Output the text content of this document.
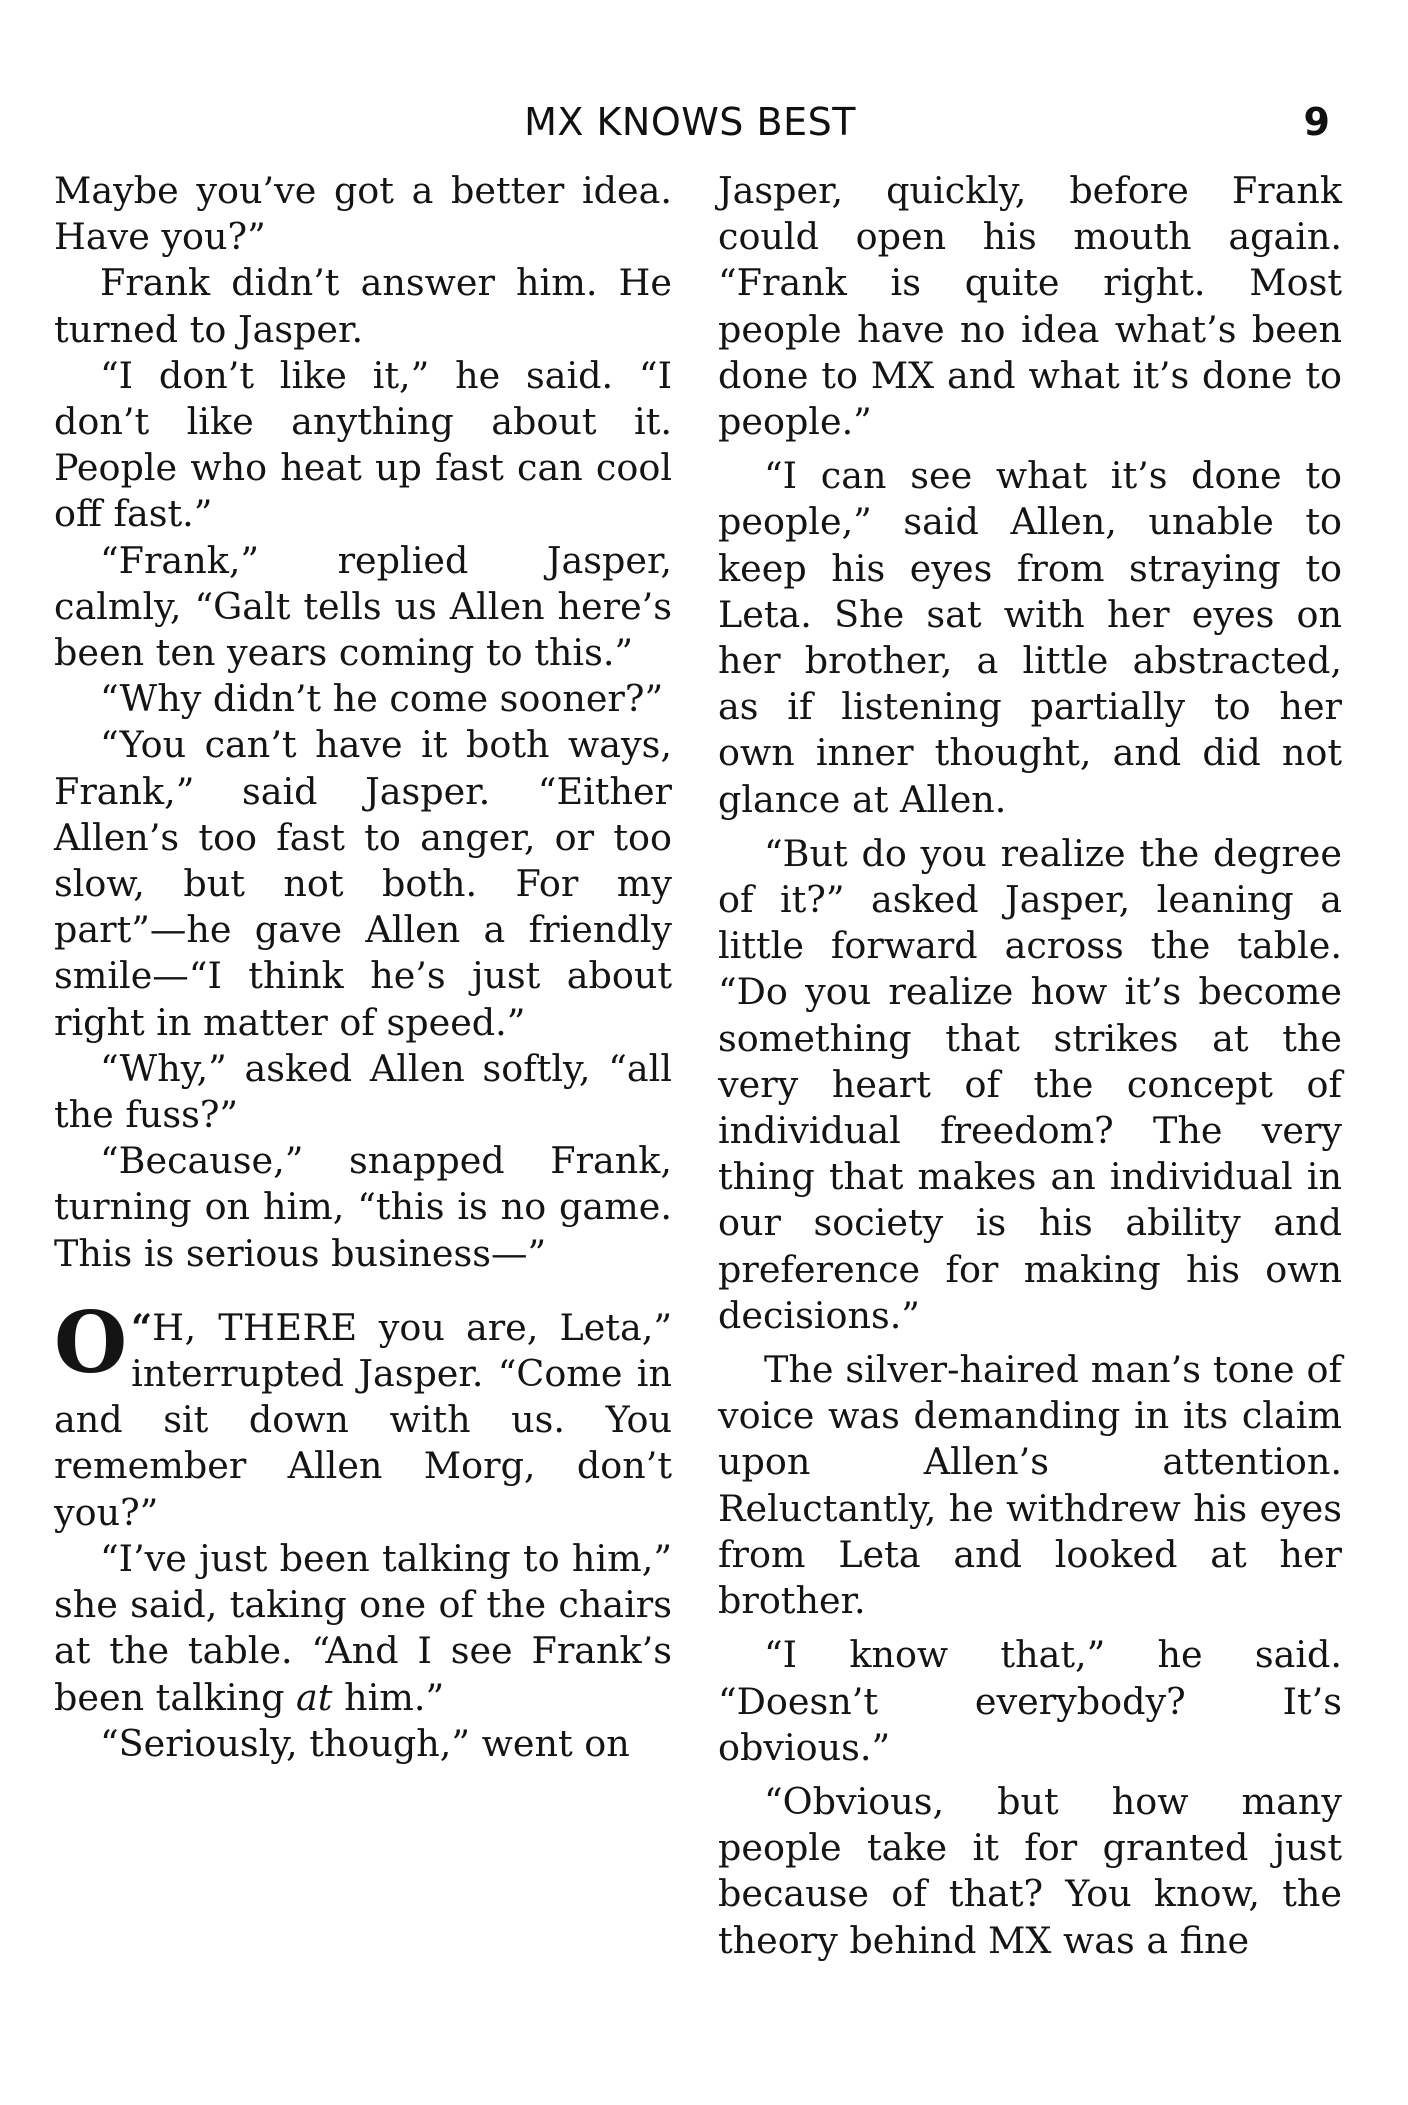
MX KNOWS BEST	9

Maybe you’ve got a better idea. Have you?”

Frank didn’t answer him. He turned to Jasper.

“I don’t like it,” he said. “I don’t like anything about it. People who heat up fast can cool off fast.”

“Frank,” replied Jasper, calmly, “Galt tells us Allen here’s been ten years coming to this.”

“Why didn’t he come sooner?”

“You can’t have it both ways, Frank,” said Jasper. “Either Allen’s too fast to anger, or too slow, but not both. For my part”—he gave Allen a friendly smile—“I think he’s just about right in matter of speed.”

“Why,” asked Allen softly, “all the fuss?”

“Because,” snapped Frank, turning on him, “this is no game. This is serious business—”

“
O H, THERE you are, Leta,” interrupted Jasper. “Come in and sit down with us. You remember Allen Morg, don’t you?”

“I’ve just been talking to him,” she said, taking one of the chairs at the table. “And I see Frank’s been talking at him.”

“Seriously, though,” went on

Jasper, quickly, before Frank could open his mouth again. “Frank is quite right. Most people have no idea what’s been done to MX and what it’s done to people.”

“I can see what it’s done to people,” said Allen, unable to keep his eyes from straying to Leta. She sat with her eyes on her brother, a little abstracted, as if listening partially to her own inner thought, and did not glance at Allen.

“But do you realize the degree of it?” asked Jasper, leaning a little forward across the table. “Do you realize how it’s become something that strikes at the very heart of the concept of individual freedom? The very thing that makes an individual in our society is his ability and preference for making his own decisions.”

The silver-haired man’s tone of voice was demanding in its claim upon Allen’s attention. Reluctantly, he withdrew his eyes from Leta and looked at her brother.

“I know that,” he said. “Doesn’t everybody? It’s obvious.”

“Obvious, but how many people take it for granted just because of that? You know, the theory behind MX was a fine
